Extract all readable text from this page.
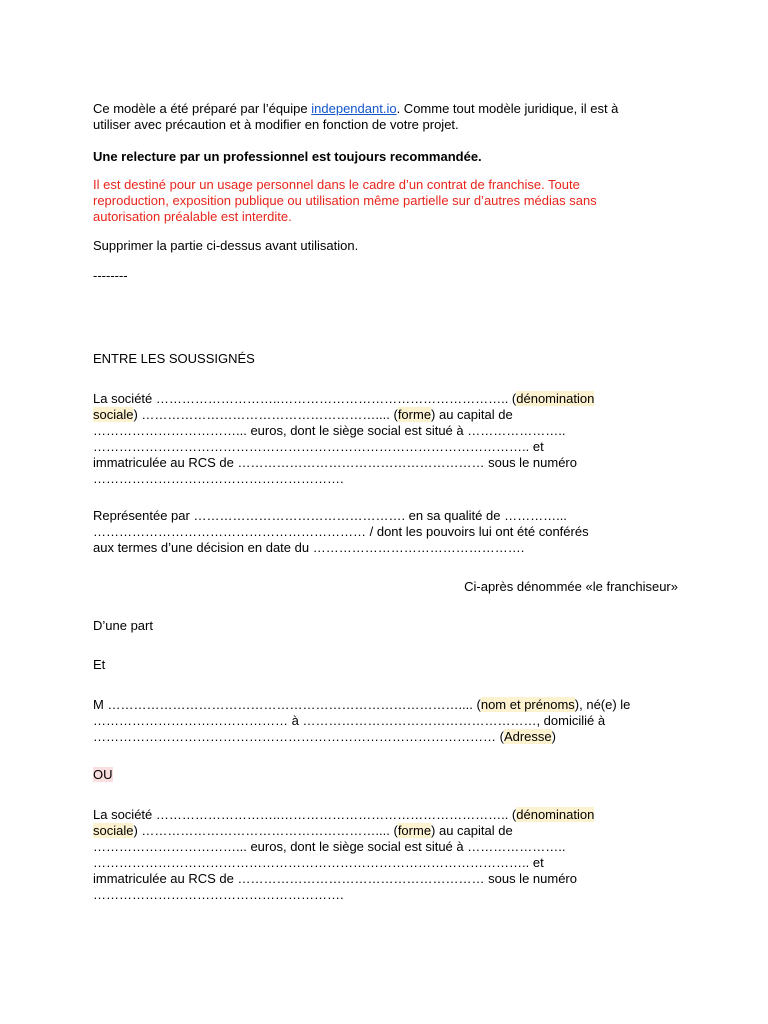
Ce modèle a été préparé par l’équipe independant.io. Comme tout modèle juridique, il est à
utiliser avec précaution et à modifier en fonction de votre projet.

Une relecture par un professionnel est toujours recommandée.

Il est destiné pour un usage personnel dans le cadre d’un contrat de franchise. Toute
reproduction, exposition publique ou utilisation même partielle sur d’autres médias sans
autorisation préalable est interdite.

Supprimer la partie ci-dessus avant utilisation.

--------

ENTRE LES SOUSSIGNÉS

La société ………………………..…………………………………………….. (dénomination
sociale) ……………………………………………….... (forme) au capital de
……………………………... euros, dont le siège social est situé à …………………..
……………………………………………………………………………………….. et
immatriculée au RCS de ………………………………………………… sous le numéro
………………………………………………….
Représentée par …………………………………………. en sa qualité de …………...
……………………………………………………… / dont les pouvoirs lui ont été conférés
aux termes d’une décision en date du ………………………………………….

Ci-après dénommée «le franchiseur»

D’une part

Et

M ……………………………………………………………………….... (nom et prénoms), né(e) le
……………………………………… à ………………………………………………, domicilié à
………………………………………………………………………………… (Adresse)

OU

La société ………………………..…………………………………………….. (dénomination
sociale) ……………………………………………….... (forme) au capital de
……………………………... euros, dont le siège social est situé à …………………..
……………………………………………………………………………………….. et
immatriculée au RCS de ………………………………………………… sous le numéro
………………………………………………….
